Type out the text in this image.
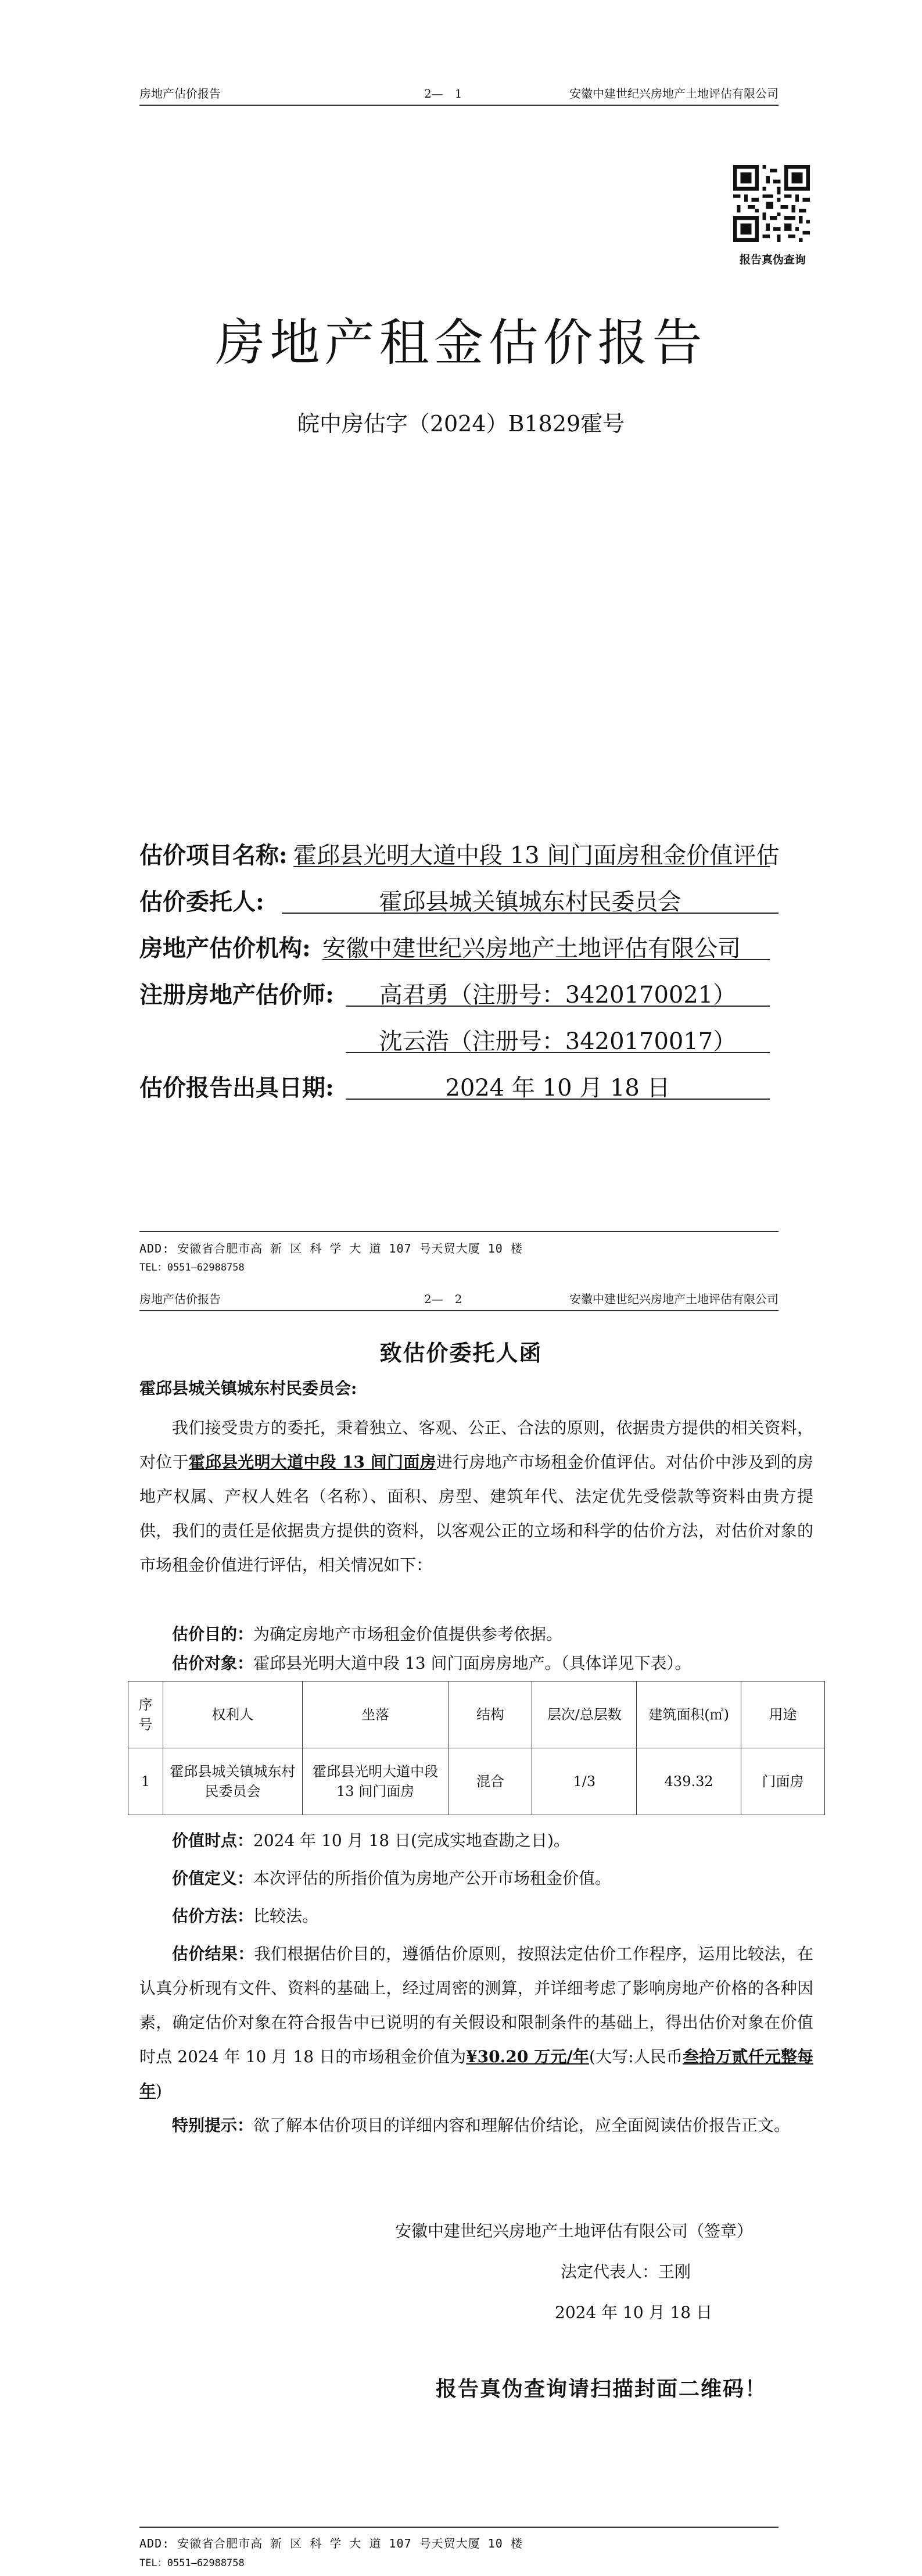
房地产估价报告	2—　1	安徽中建世纪兴房地产土地评估有限公司
报告真伪查询
房地产租金估价报告
皖中房估字（2024）B1829霍号
估价项目名称: 霍邱县光明大道中段 13 间门面房租金价值评估
估价委托人:	霍邱县城关镇城东村民委员会
房地产估价机构: 安徽中建世纪兴房地产土地评估有限公司
注册房地产估价师:	高君勇（注册号：3420170021）
沈云浩（注册号：3420170017）
估价报告出具日期:	2024 年 10 月 18 日
ADD: 安徽省合肥市高 新 区 科 学 大 道 107 号天贸大厦 10 楼
TEL：0551—62988758
房地产估价报告	2—　2	安徽中建世纪兴房地产土地评估有限公司
致估价委托人函
霍邱县城关镇城东村民委员会:
我们接受贵方的委托，秉着独立、客观、公正、合法的原则，依据贵方提供的相关资料，对位于霍邱县光明大道中段 13 间门面房进行房地产市场租金价值评估。对估价中涉及到的房地产权属、产权人姓名（名称）、面积、房型、建筑年代、法定优先受偿款等资料由贵方提供，我们的责任是依据贵方提供的资料，以客观公正的立场和科学的估价方法，对估价对象的市场租金价值进行评估，相关情况如下：
估价目的：为确定房地产市场租金价值提供参考依据。
估价对象：霍邱县光明大道中段 13 间门面房房地产。（具体详见下表）。
序号	权利人	坐落	结构	层次/总层数	建筑面积(㎡)	用途
1	霍邱县城关镇城东村民委员会	霍邱县光明大道中段 13 间门面房	混合	1/3	439.32	门面房
价值时点：2024 年 10 月 18 日(完成实地查勘之日)。
价值定义：本次评估的所指价值为房地产公开市场租金价值。
估价方法：比较法。
估价结果：我们根据估价目的，遵循估价原则，按照法定估价工作程序，运用比较法，在认真分析现有文件、资料的基础上，经过周密的测算，并详细考虑了影响房地产价格的各种因素，确定估价对象在符合报告中已说明的有关假设和限制条件的基础上，得出估价对象在价值时点 2024 年 10 月 18 日的市场租金价值为¥30.20 万元/年(大写:人民币叁拾万贰仟元整每年)
特别提示：欲了解本估价项目的详细内容和理解估价结论，应全面阅读估价报告正文。
安徽中建世纪兴房地产土地评估有限公司（签章）
法定代表人：王刚
2024 年 10 月 18 日
报告真伪查询请扫描封面二维码！
ADD: 安徽省合肥市高 新 区 科 学 大 道 107 号天贸大厦 10 楼
TEL：0551—62988758
